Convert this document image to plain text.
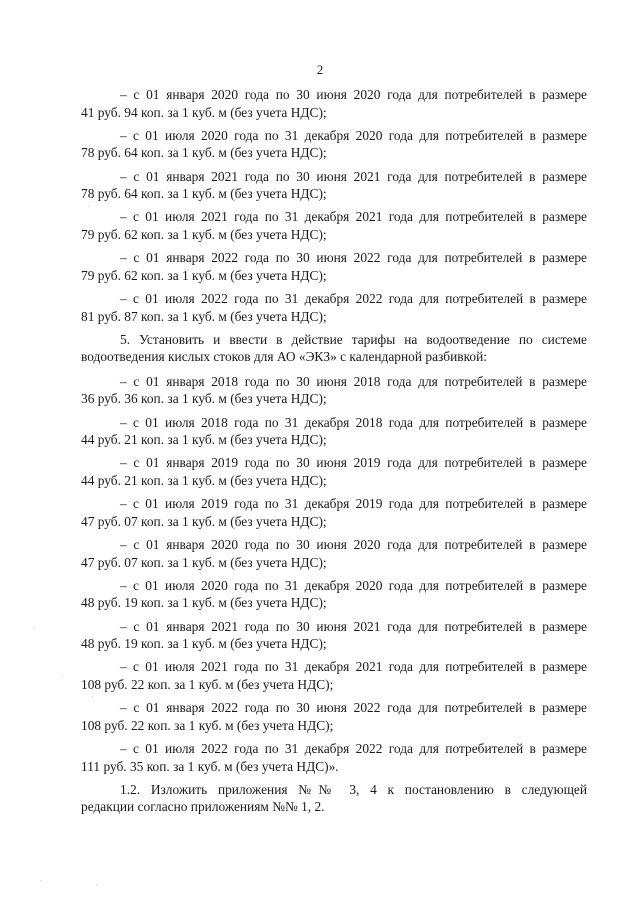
2
– с 01 января 2020 года по 30 июня 2020 года для потребителей в размере
41 руб. 94 коп. за 1 куб. м (без учета НДС);
– с 01 июля 2020 года по 31 декабря 2020 года для потребителей в размере
78 руб. 64 коп. за 1 куб. м (без учета НДС);
– с 01 января 2021 года по 30 июня 2021 года для потребителей в размере
78 руб. 64 коп. за 1 куб. м (без учета НДС);
– с 01 июля 2021 года по 31 декабря 2021 года для потребителей в размере
79 руб. 62 коп. за 1 куб. м (без учета НДС);
– с 01 января 2022 года по 30 июня 2022 года для потребителей в размере
79 руб. 62 коп. за 1 куб. м (без учета НДС);
– с 01 июля 2022 года по 31 декабря 2022 года для потребителей в размере
81 руб. 87 коп. за 1 куб. м (без учета НДС);
5. Установить и ввести в действие тарифы на водоотведение по системе
водоотведения кислых стоков для АО «ЭКЗ» с календарной разбивкой:
– с 01 января 2018 года по 30 июня 2018 года для потребителей в размере
36 руб. 36 коп. за 1 куб. м (без учета НДС);
– с 01 июля 2018 года по 31 декабря 2018 года для потребителей в размере
44 руб. 21 коп. за 1 куб. м (без учета НДС);
– с 01 января 2019 года по 30 июня 2019 года для потребителей в размере
44 руб. 21 коп. за 1 куб. м (без учета НДС);
– с 01 июля 2019 года по 31 декабря 2019 года для потребителей в размере
47 руб. 07 коп. за 1 куб. м (без учета НДС);
– с 01 января 2020 года по 30 июня 2020 года для потребителей в размере
47 руб. 07 коп. за 1 куб. м (без учета НДС);
– с 01 июля 2020 года по 31 декабря 2020 года для потребителей в размере
48 руб. 19 коп. за 1 куб. м (без учета НДС);
– с 01 января 2021 года по 30 июня 2021 года для потребителей в размере
48 руб. 19 коп. за 1 куб. м (без учета НДС);
– с 01 июля 2021 года по 31 декабря 2021 года для потребителей в размере
108 руб. 22 коп. за 1 куб. м (без учета НДС);
– с 01 января 2022 года по 30 июня 2022 года для потребителей в размере
108 руб. 22 коп. за 1 куб. м (без учета НДС);
– с 01 июля 2022 года по 31 декабря 2022 года для потребителей в размере
111 руб. 35 коп. за 1 куб. м (без учета НДС)».
1.2. Изложить приложения №№ 3, 4 к постановлению в следующей
редакции согласно приложениям №№ 1, 2.
